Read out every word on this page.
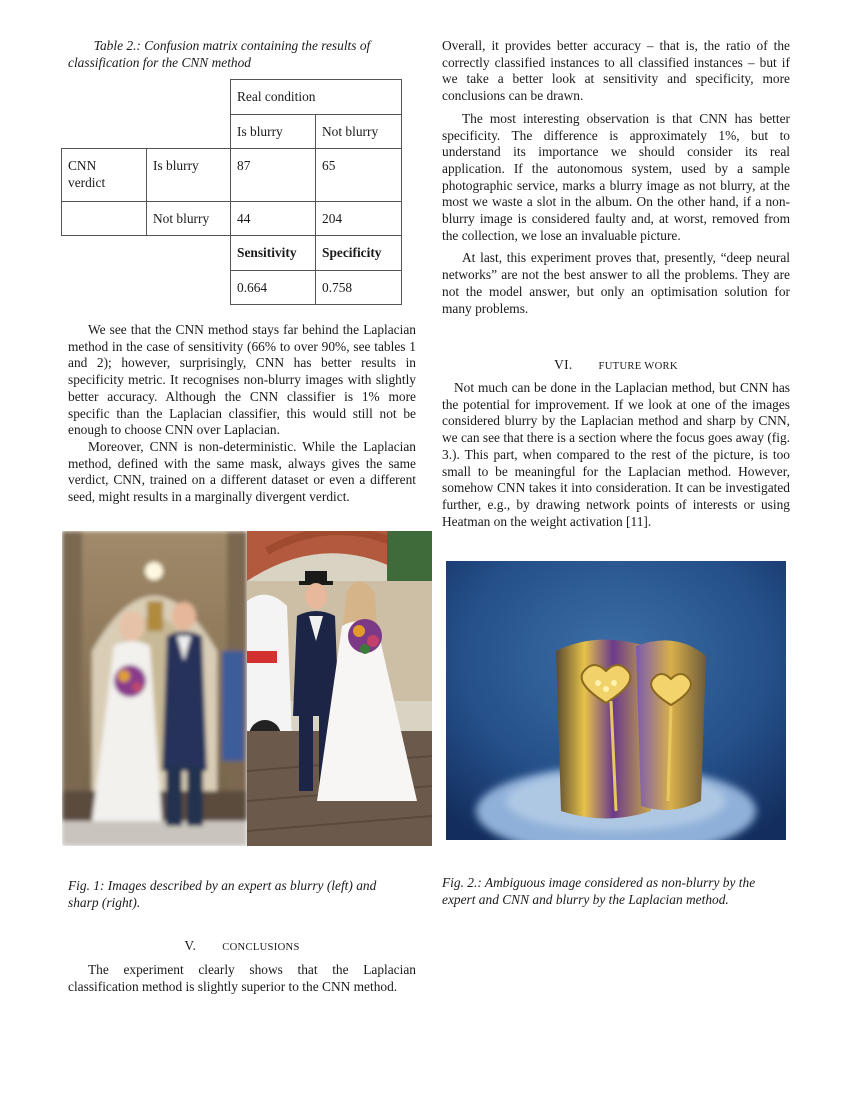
Table 2.: Confusion matrix containing the results of
classification for the CNN method
Real condition
Is blurry	Not blurry
CNN
verdict
Is blurry	87	65
Not blurry	44	204
Sensitivity	Specificity
0.664	0.758

We see that the CNN method stays far behind the Laplacian method in the case of sensitivity (66% to over 90%, see tables 1 and 2); however, surprisingly, CNN has better results in specificity metric. It recognises non-blurry images with slightly better accuracy. Although the CNN classifier is 1% more specific than the Laplacian classifier, this would still not be enough to choose CNN over Laplacian.

Moreover, CNN is non-deterministic. While the Laplacian method, defined with the same mask, always gives the same verdict, CNN, trained on a different dataset or even a different seed, might results in a marginally divergent verdict.

Fig. 1: Images described by an expert as blurry (left) and
sharp (right).
V. CONCLUSIONS

The experiment clearly shows that the Laplacian classification method is slightly superior to the CNN method.

Overall, it provides better accuracy – that is, the ratio of the correctly classified instances to all classified instances – but if we take a better look at sensitivity and specificity, more conclusions can be drawn.

The most interesting observation is that CNN has better specificity. The difference is approximately 1%, but to understand its importance we should consider its real application. If the autonomous system, used by a sample photographic service, marks a blurry image as not blurry, at the most we waste a slot in the album. On the other hand, if a non-blurry image is considered faulty and, at worst, removed from the collection, we lose an invaluable picture.

At last, this experiment proves that, presently, “deep neural networks” are not the best answer to all the problems. They are not the model answer, but only an optimisation solution for many problems.

VI. FUTURE WORK

Not much can be done in the Laplacian method, but CNN has the potential for improvement. If we look at one of the images considered blurry by the Laplacian method and sharp by CNN, we can see that there is a section where the focus goes away (fig. 3.). This part, when compared to the rest of the picture, is too small to be meaningful for the Laplacian method. However, somehow CNN takes it into consideration. It can be investigated further, e.g., by drawing network points of interests or using Heatman on the weight activation [11].

Fig. 2.: Ambiguous image considered as non-blurry by the
expert and CNN and blurry by the Laplacian method.
